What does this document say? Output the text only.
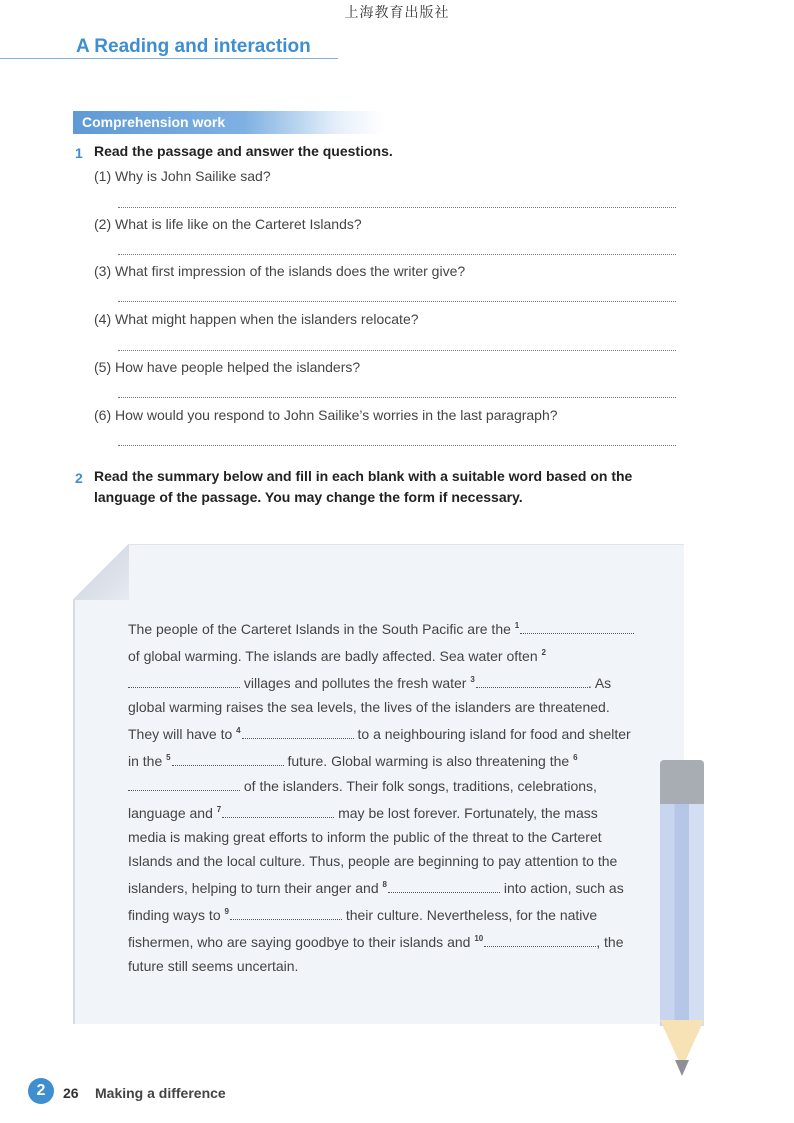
上海教育出版社
A Reading and interaction
Comprehension work
1 Read the passage and answer the questions.
(1) Why is John Sailike sad?
(2) What is life like on the Carteret Islands?
(3) What first impression of the islands does the writer give?
(4) What might happen when the islanders relocate?
(5) How have people helped the islanders?
(6) How would you respond to John Sailike’s worries in the last paragraph?
2 Read the summary below and fill in each blank with a suitable word based on the
language of the passage. You may change the form if necessary.
The people of the Carteret Islands in the South Pacific are the $^1$ of global warming. The islands are badly affected. Sea water often $^2$ villages and pollutes the fresh water $^3$	. As global warming raises the sea levels, the lives of the islanders are threatened. They will have to $^4$	to a neighbouring island for food and shelter in the $^5$	future. Global warming is also threatening the $^6$ of the islanders. Their folk songs, traditions, celebrations, language and $^7$	may be lost forever. Fortunately, the mass media is making great efforts to inform the public of the threat to the Carteret Islands and the local culture. Thus, people are beginning to pay attention to the islanders, helping to turn their anger and $^8$	into action, such as finding ways to $^9$	their culture. Nevertheless, for the native fishermen, who are saying goodbye to their islands and $^{10}$	, the future still seems uncertain.
2	26 Making a difference
